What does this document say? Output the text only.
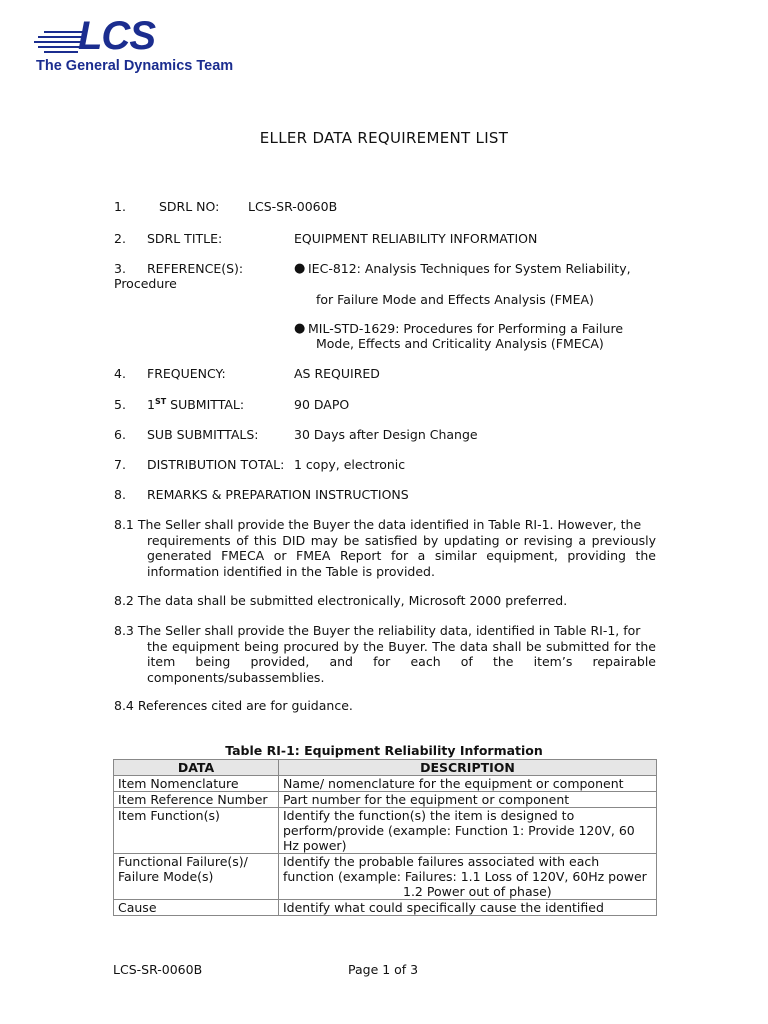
LCS
The General Dynamics Team
ELLER DATA REQUIREMENT LIST
1.	SDRL NO: LCS-SR-0060B
2. SDRL TITLE:	EQUIPMENT RELIABILITY INFORMATION
3. REFERENCE(S):
Procedure
● IEC-812: Analysis Techniques for System Reliability,
for Failure Mode and Effects Analysis (FMEA)
● MIL-STD-1629: Procedures for Performing a Failure
Mode, Effects and Criticality Analysis (FMECA)
4. FREQUENCY:	AS REQUIRED
5. 1ST SUBMITTAL:	90 DAPO
6. SUB SUBMITTALS:	30 Days after Design Change
7. DISTRIBUTION TOTAL: 1 copy, electronic
8. REMARKS & PREPARATION INSTRUCTIONS
8.1 The Seller shall provide the Buyer the data identified in Table RI-1. However, the
requirements of this DID may be satisfied by updating or revising a previously generated FMECA or FMEA Report for a similar equipment, providing the information identified in the Table is provided.
8.2 The data shall be submitted electronically, Microsoft 2000 preferred.
8.3 The Seller shall provide the Buyer the reliability data, identified in Table RI-1, for
the equipment being procured by the Buyer. The data shall be submitted for the item being provided, and for each of the item’s repairable components/subassemblies.
8.4 References cited are for guidance.
Table RI-1: Equipment Reliability Information
DATA	DESCRIPTION
Item Nomenclature	Name/ nomenclature for the equipment or component
Item Reference Number	Part number for the equipment or component
Item Function(s)	Identify the function(s) the item is designed to perform/provide (example: Function 1: Provide 120V, 60 Hz power)
Functional Failure(s)/ Failure Mode(s)	Identify the probable failures associated with each function (example: Failures: 1.1 Loss of 120V, 60Hz power
1.2 Power out of phase)

Cause	Identify what could specifically cause the identified
LCS-SR-0060B	Page 1 of 3
